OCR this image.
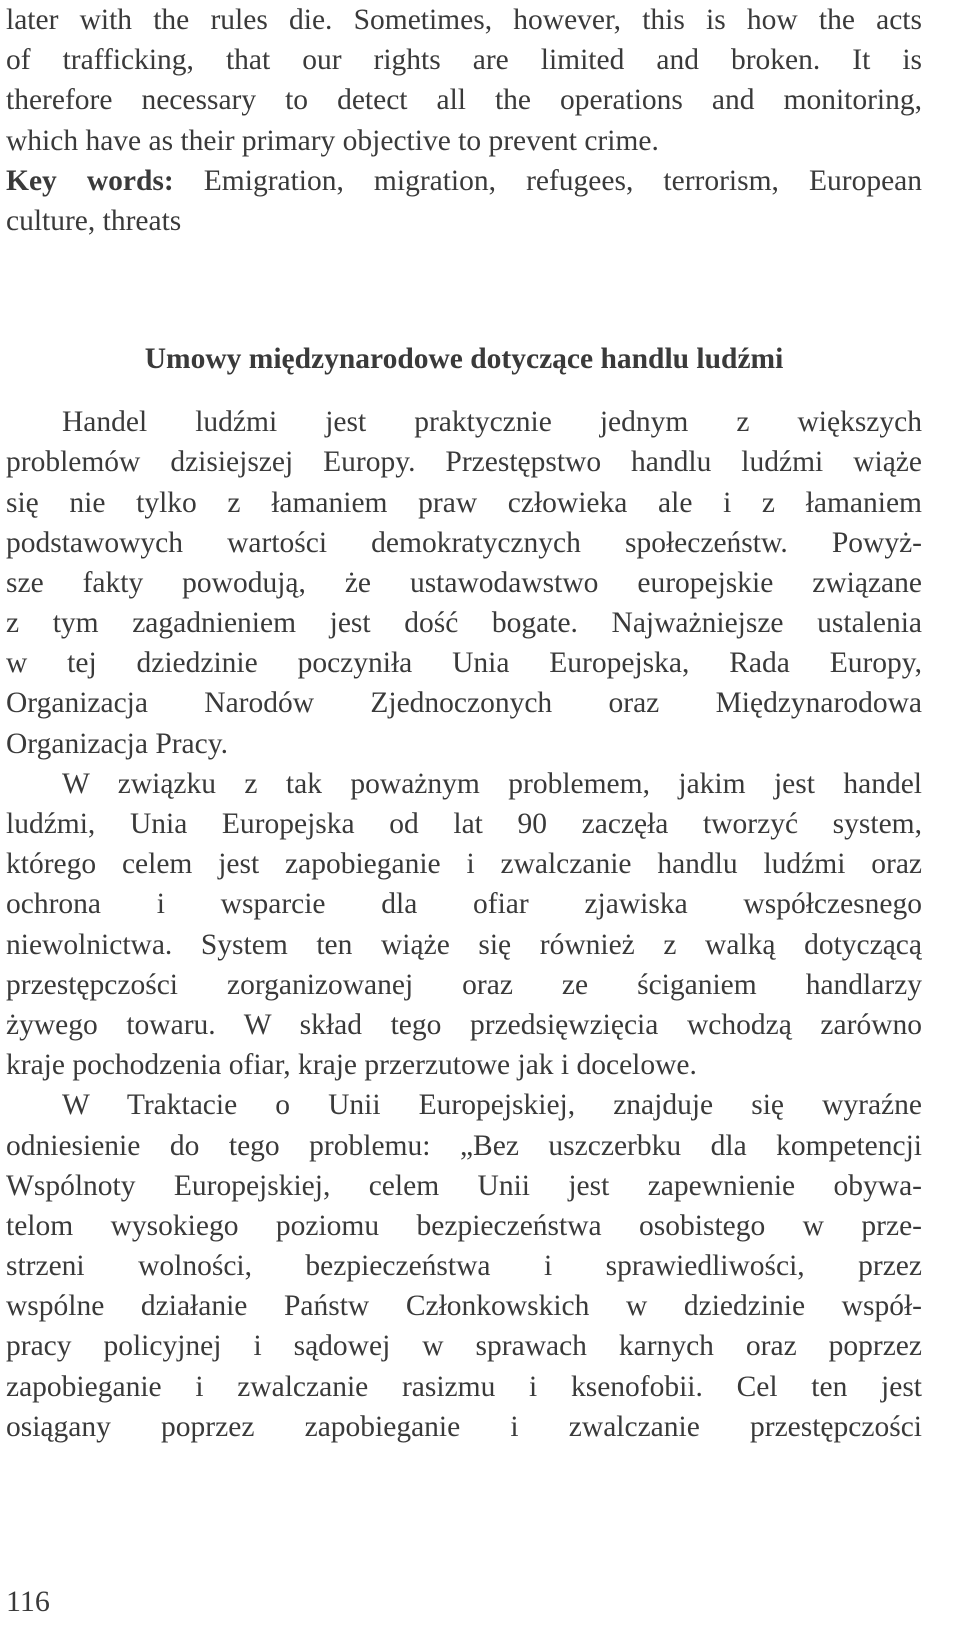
later with the rules die. Sometimes, however, this is how the acts
of trafficking, that our rights are limited and broken. It is
therefore necessary to detect all the operations and monitoring,
which have as their primary objective to prevent crime.
Key words: Emigration, migration, refugees, terrorism, European
culture, threats
Umowy międzynarodowe dotyczące handlu ludźmi
Handel ludźmi jest praktycznie jednym z większych
problemów dzisiejszej Europy. Przestępstwo handlu ludźmi wiąże
się nie tylko z łamaniem praw człowieka ale i z łamaniem
podstawowych wartości demokratycznych społeczeństw. Powyż-
sze fakty powodują, że ustawodawstwo europejskie związane
z tym zagadnieniem jest dość bogate. Najważniejsze ustalenia
w tej dziedzinie poczyniła Unia Europejska, Rada Europy,
Organizacja Narodów Zjednoczonych oraz Międzynarodowa
Organizacja Pracy.
W związku z tak poważnym problemem, jakim jest handel
ludźmi, Unia Europejska od lat 90 zaczęła tworzyć system,
którego celem jest zapobieganie i zwalczanie handlu ludźmi oraz
ochrona i wsparcie dla ofiar zjawiska współczesnego
niewolnictwa. System ten wiąże się również z walką dotyczącą
przestępczości zorganizowanej oraz ze ściganiem handlarzy
żywego towaru. W skład tego przedsięwzięcia wchodzą zarówno
kraje pochodzenia ofiar, kraje przerzutowe jak i docelowe.
W Traktacie o Unii Europejskiej, znajduje się wyraźne
odniesienie do tego problemu: „Bez uszczerbku dla kompetencji
Wspólnoty Europejskiej, celem Unii jest zapewnienie obywa-
telom wysokiego poziomu bezpieczeństwa osobistego w prze-
strzeni wolności, bezpieczeństwa i sprawiedliwości, przez
wspólne działanie Państw Członkowskich w dziedzinie współ-
pracy policyjnej i sądowej w sprawach karnych oraz poprzez
zapobieganie i zwalczanie rasizmu i ksenofobii. Cel ten jest
osiągany poprzez zapobieganie i zwalczanie przestępczości
116
